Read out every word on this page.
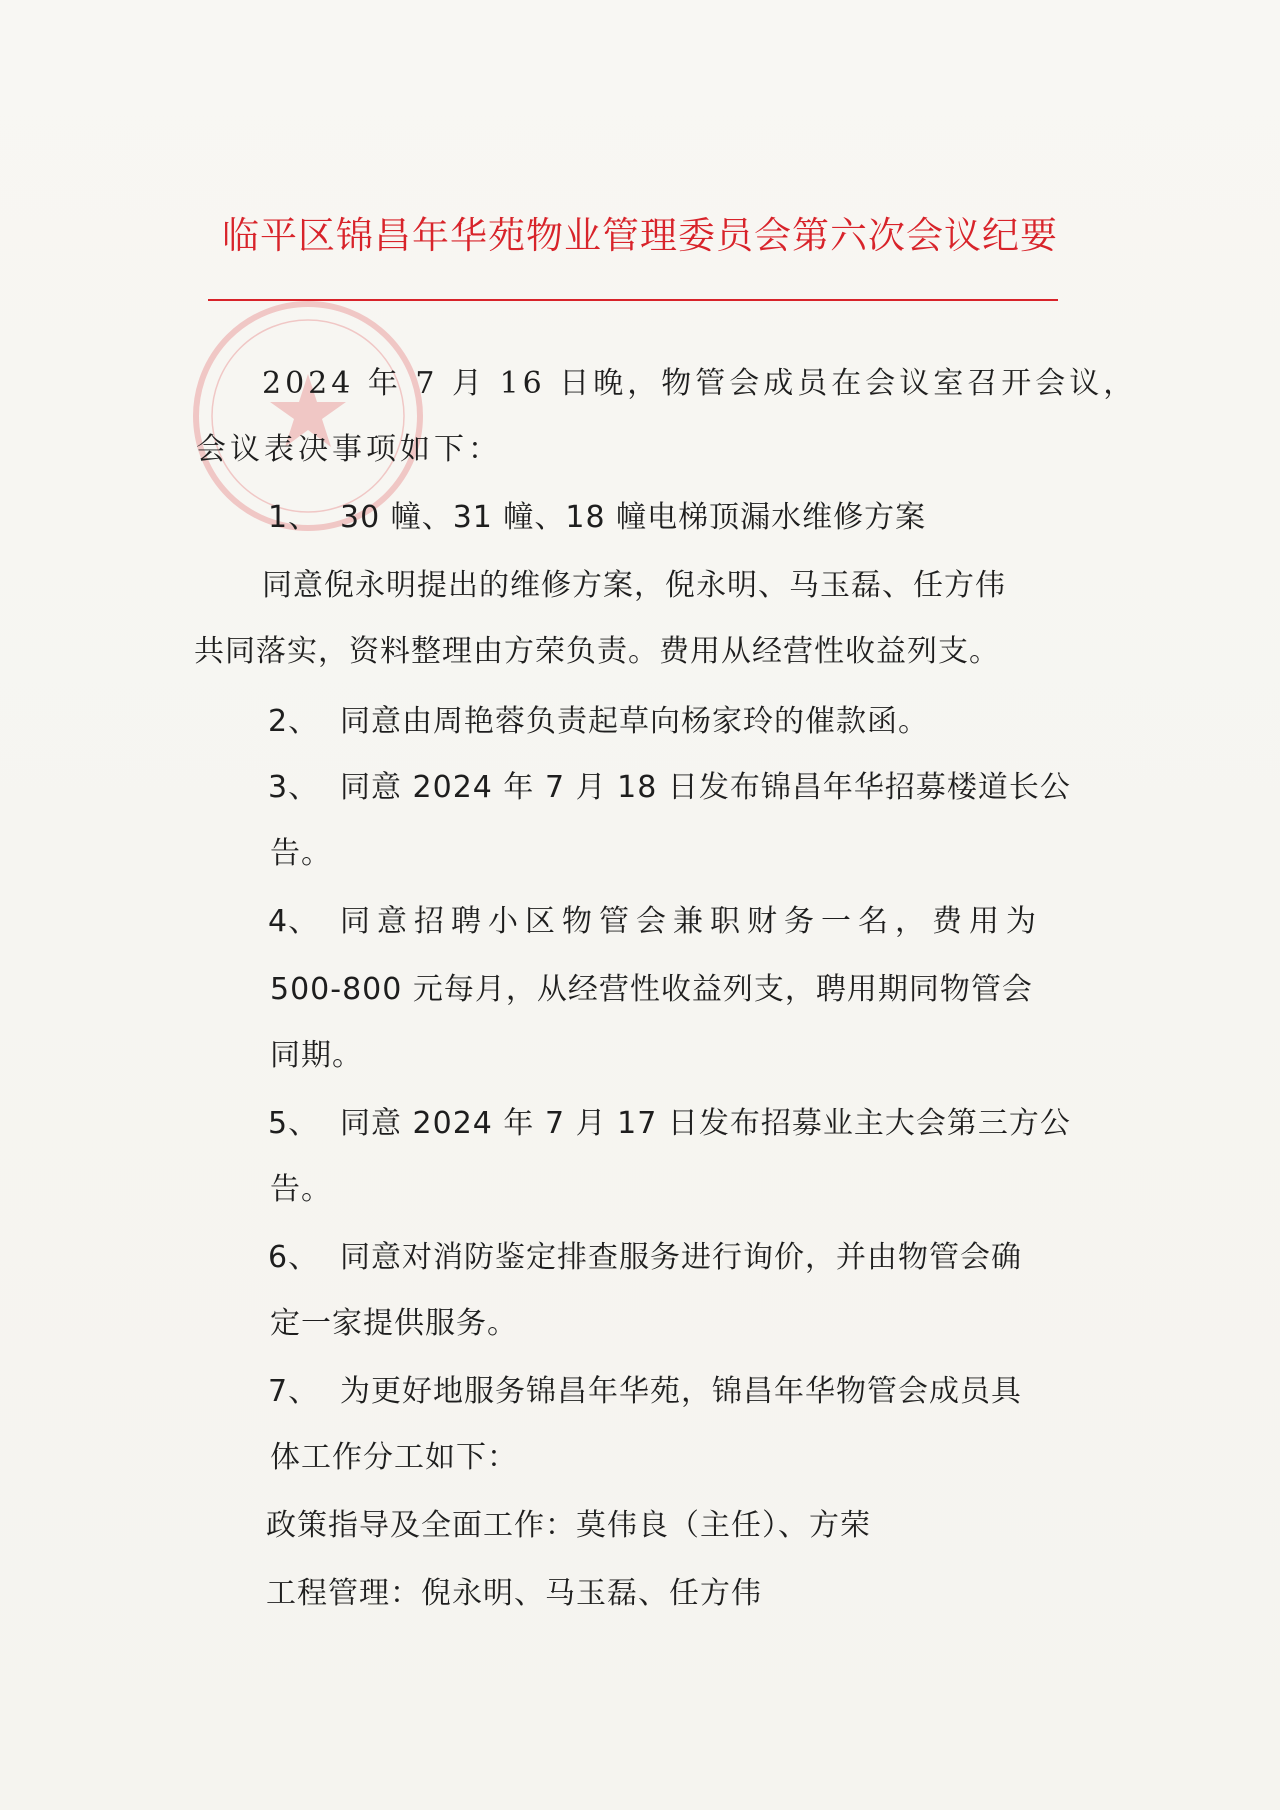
临平区锦昌年华苑物业管理委员会第六次会议纪要
2024 年 7 月 16 日晚，物管会成员在会议室召开会议，
会议表决事项如下：
1、 30 幢、31 幢、18 幢电梯顶漏水维修方案
同意倪永明提出的维修方案，倪永明、马玉磊、任方伟
共同落实，资料整理由方荣负责。费用从经营性收益列支。
2、 同意由周艳蓉负责起草向杨家玲的催款函。
3、 同意 2024 年 7 月 18 日发布锦昌年华招募楼道长公
告。
4、 同意招聘小区物管会兼职财务一名，费用为
500-800 元每月，从经营性收益列支，聘用期同物管会
同期。
5、 同意 2024 年 7 月 17 日发布招募业主大会第三方公
告。
6、 同意对消防鉴定排查服务进行询价，并由物管会确
定一家提供服务。
7、 为更好地服务锦昌年华苑，锦昌年华物管会成员具
体工作分工如下：
政策指导及全面工作：莫伟良（主任）、方荣
工程管理：倪永明、马玉磊、任方伟
